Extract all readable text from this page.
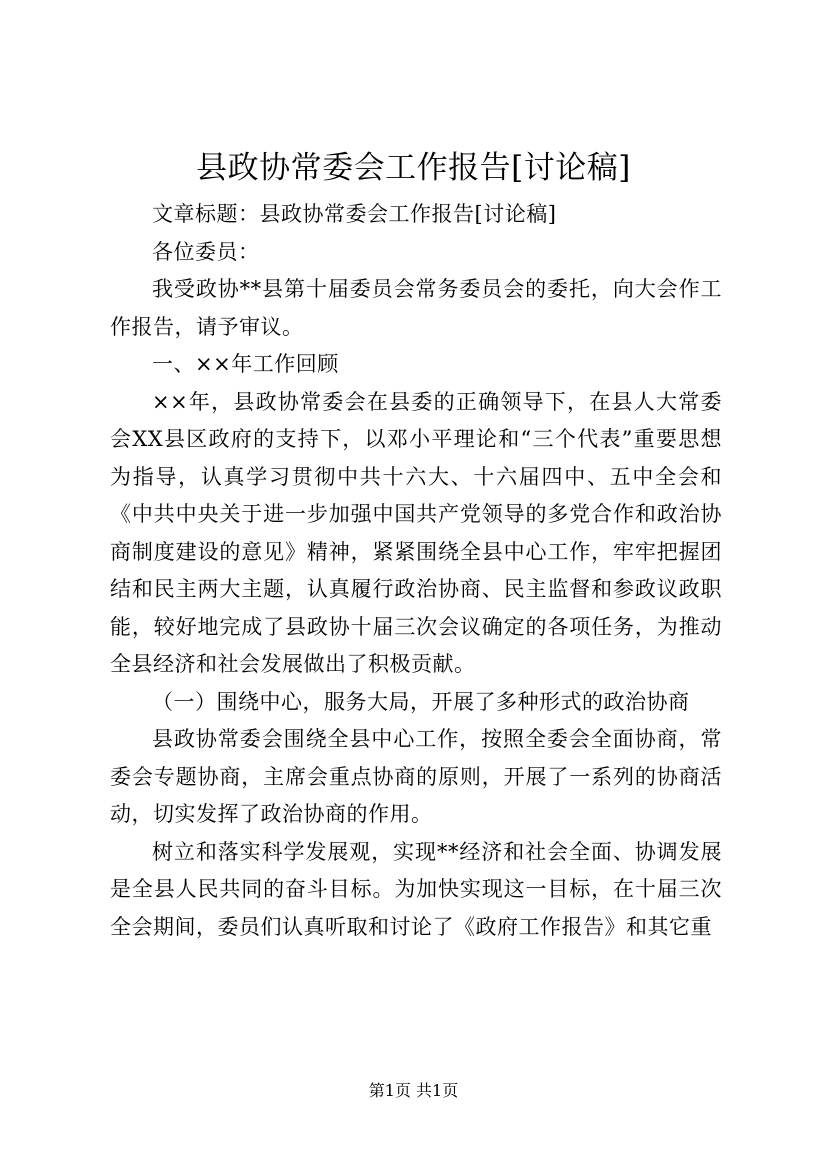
县政协常委会工作报告[讨论稿]

文章标题：县政协常委会工作报告[讨论稿]

各位委员：

我受政协**县第十届委员会常务委员会的委托，向大会作工作报告，请予审议。

一、××年工作回顾

××年，县政协常委会在县委的正确领导下，在县人大常委会XX县区政府的支持下，以邓小平理论和“三个代表”重要思想为指导，认真学习贯彻中共十六大、十六届四中、五中全会和《中共中央关于进一步加强中国共产党领导的多党合作和政治协商制度建设的意见》精神，紧紧围绕全县中心工作，牢牢把握团结和民主两大主题，认真履行政治协商、民主监督和参政议政职能，较好地完成了县政协十届三次会议确定的各项任务，为推动全县经济和社会发展做出了积极贡献。

（一）围绕中心，服务大局，开展了多种形式的政治协商

县政协常委会围绕全县中心工作，按照全委会全面协商，常委会专题协商，主席会重点协商的原则，开展了一系列的协商活动，切实发挥了政治协商的作用。

树立和落实科学发展观，实现**经济和社会全面、协调发展是全县人民共同的奋斗目标。为加快实现这一目标，在十届三次全会期间，委员们认真听取和讨论了《政府工作报告》和其它重

第1页 共1页
